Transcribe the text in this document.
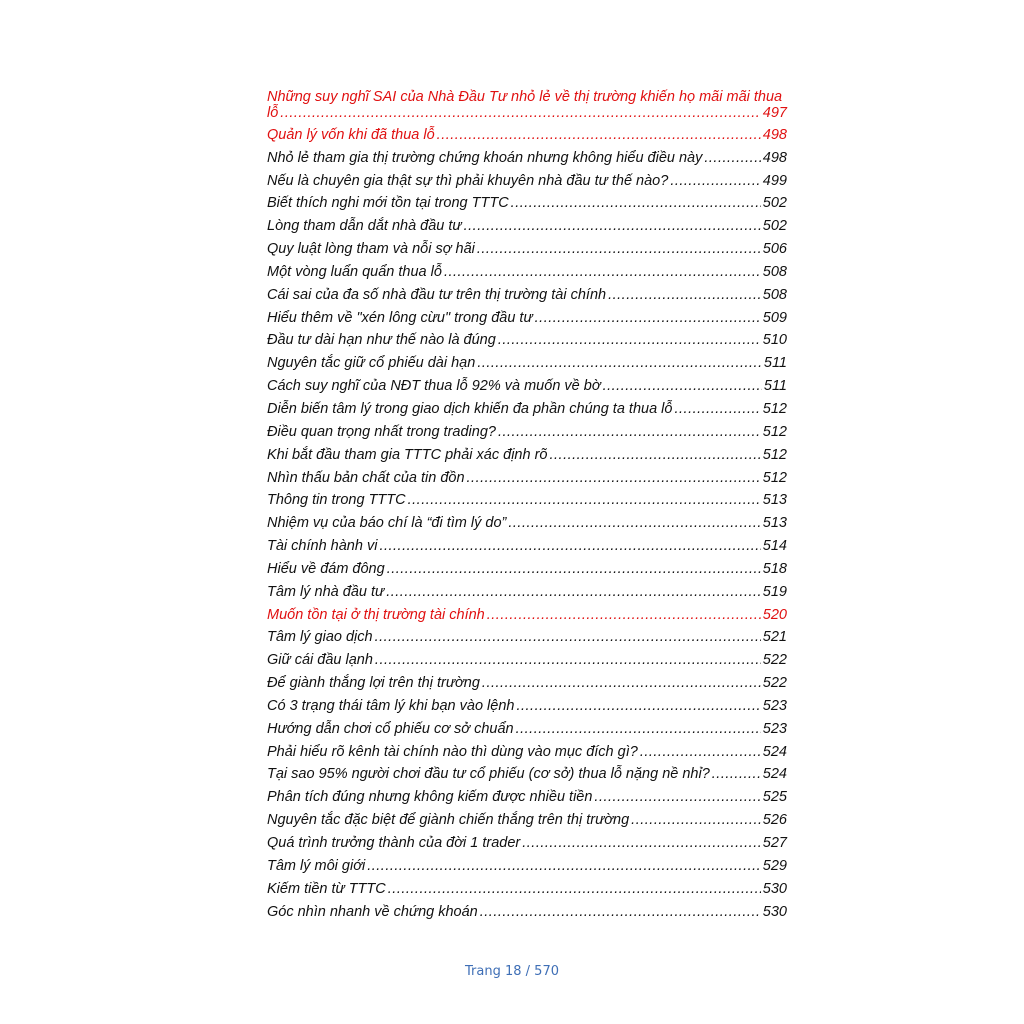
Những suy nghĩ SAI của Nhà Đầu Tư nhỏ lẻ về thị trường khiến họ mãi mãi thua
lỗ .....	497
Quản lý vốn khi đã thua lỗ .....	498
Nhỏ lẻ tham gia thị trường chứng khoán nhưng không hiểu điều này .....	498
Nếu là chuyên gia thật sự thì phải khuyên nhà đầu tư thế nào? .....	499
Biết thích nghi mới tồn tại trong TTTC .....	502
Lòng tham dẫn dắt nhà đầu tư .....	502
Quy luật lòng tham và nỗi sợ hãi .....	506
Một vòng luẩn quẩn thua lỗ .....	508
Cái sai của đa số nhà đầu tư trên thị trường tài chính .....	508
Hiểu thêm về "xén lông cừu" trong đầu tư .....	509
Đầu tư dài hạn như thế nào là đúng .....	510
Nguyên tắc giữ cổ phiếu dài hạn .....	511
Cách suy nghĩ của NĐT thua lỗ 92% và muốn về bờ .....	511
Diễn biến tâm lý trong giao dịch khiến đa phần chúng ta thua lỗ .....	512
Điều quan trọng nhất trong trading? .....	512
Khi bắt đầu tham gia TTTC phải xác định rõ .....	512
Nhìn thấu bản chất của tin đồn .....	512
Thông tin trong TTTC .....	513
Nhiệm vụ của báo chí là “đi tìm lý do” .....	513
Tài chính hành vi .....	514
Hiểu về đám đông .....	518
Tâm lý nhà đầu tư .....	519
Muốn tồn tại ở thị trường tài chính .....	520
Tâm lý giao dịch .....	521
Giữ cái đầu lạnh .....	522
Để giành thắng lợi trên thị trường .....	522
Có 3 trạng thái tâm lý khi bạn vào lệnh .....	523
Hướng dẫn chơi cổ phiếu cơ sở chuẩn .....	523
Phải hiểu rõ kênh tài chính nào thì dùng vào mục đích gì? .....	524
Tại sao 95% người chơi đầu tư cổ phiếu (cơ sở) thua lỗ nặng nề nhỉ? .....	524
Phân tích đúng nhưng không kiếm được nhiều tiền .....	525
Nguyên tắc đặc biệt để giành chiến thắng trên thị trường .....	526
Quá trình trưởng thành của đời 1 trader .....	527
Tâm lý môi giới .....	529
Kiếm tiền từ TTTC .....	530
Góc nhìn nhanh về chứng khoán .....	530
Trang 18 / 570
